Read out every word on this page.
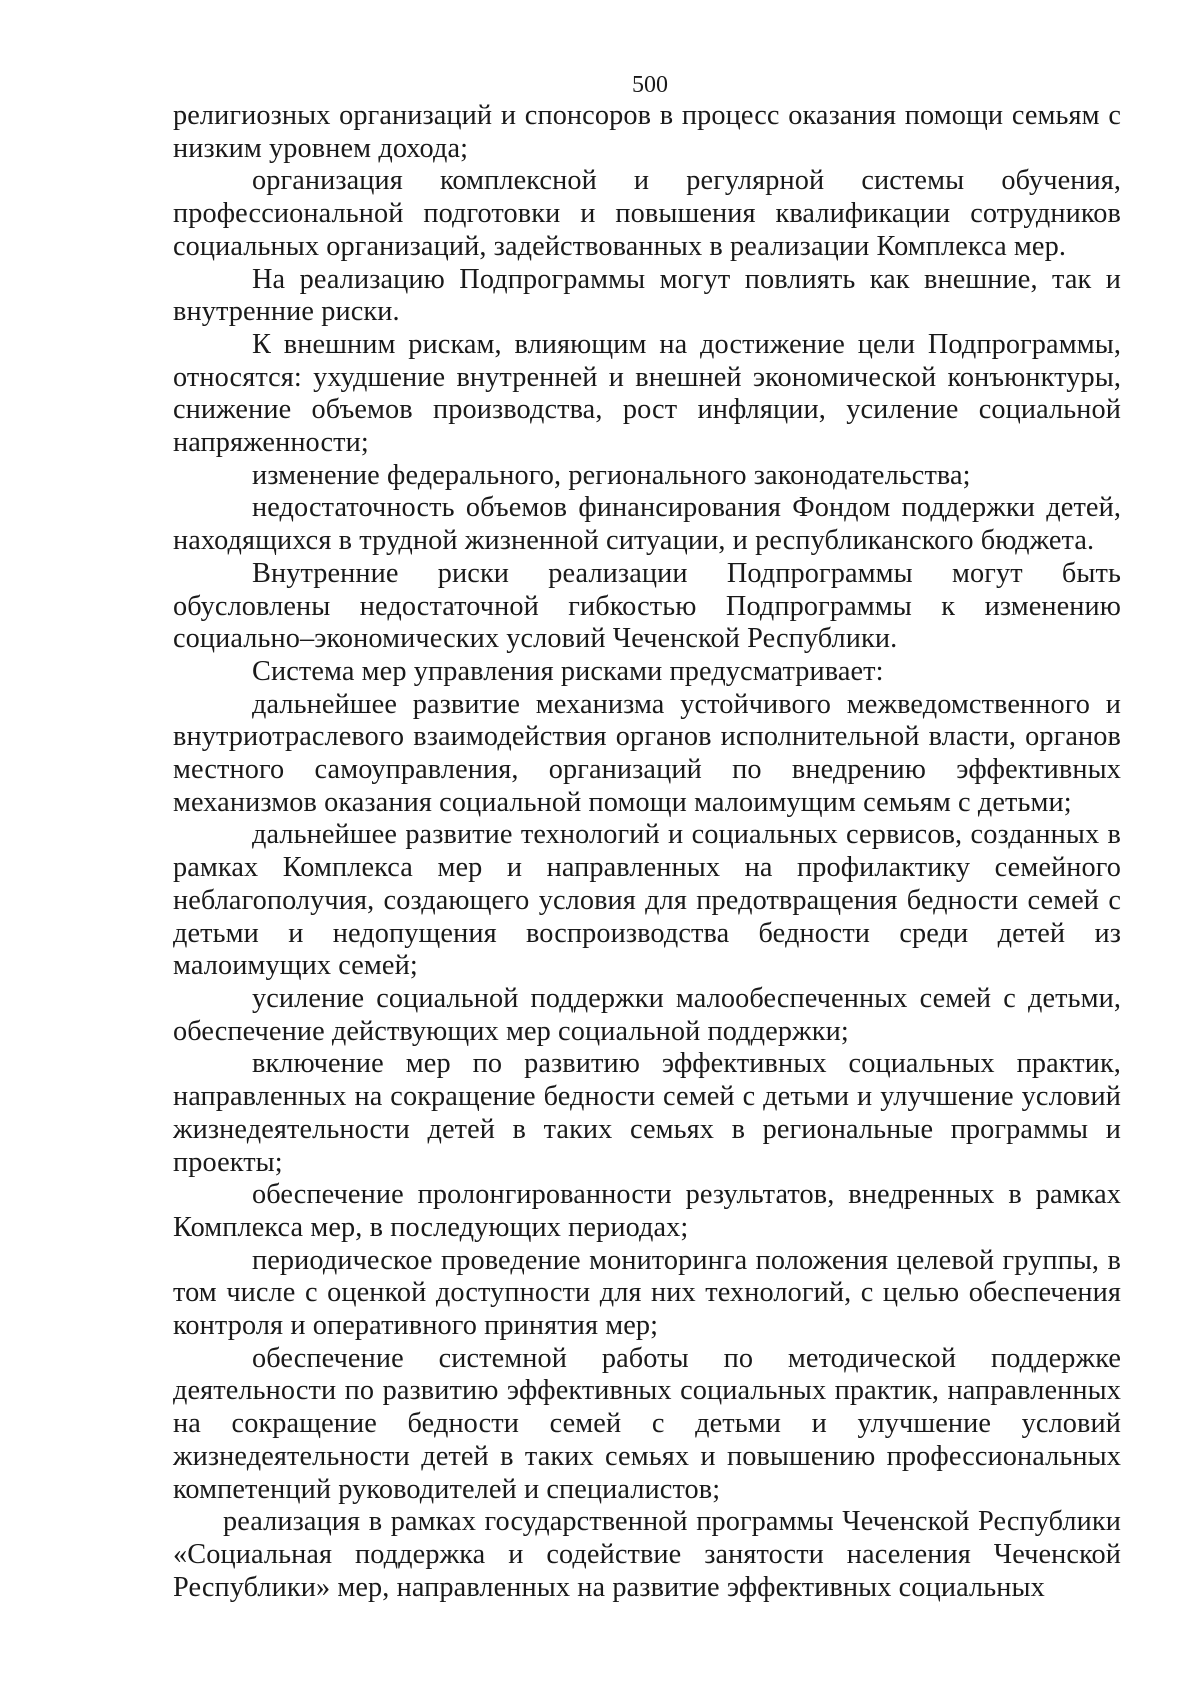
500

религиозных организаций и спонсоров в процесс оказания помощи семьям с низким уровнем дохода;

организация комплексной и регулярной системы обучения, профессиональной подготовки и повышения квалификации сотрудников социальных организаций, задействованных в реализации Комплекса мер.

На реализацию Подпрограммы могут повлиять как внешние, так и внутренние риски.

К внешним рискам, влияющим на достижение цели Подпрограммы, относятся: ухудшение внутренней и внешней экономической конъюнктуры, снижение объемов производства, рост инфляции, усиление социальной напряженности;

изменение федерального, регионального законодательства;

недостаточность объемов финансирования Фондом поддержки детей, находящихся в трудной жизненной ситуации, и республиканского бюджета.

Внутренние риски реализации Подпрограммы могут быть обусловлены недостаточной гибкостью Подпрограммы к изменению социально–экономических условий Чеченской Республики.

Система мер управления рисками предусматривает:

дальнейшее развитие механизма устойчивого межведомственного и внутриотраслевого взаимодействия органов исполнительной власти, органов местного самоуправления, организаций по внедрению эффективных механизмов оказания социальной помощи малоимущим семьям с детьми;

дальнейшее развитие технологий и социальных сервисов, созданных в рамках Комплекса мер и направленных на профилактику семейного неблагополучия, создающего условия для предотвращения бедности семей с детьми и недопущения воспроизводства бедности среди детей из малоимущих семей;

усиление социальной поддержки малообеспеченных семей с детьми, обеспечение действующих мер социальной поддержки;

включение мер по развитию эффективных социальных практик, направленных на сокращение бедности семей с детьми и улучшение условий жизнедеятельности детей в таких семьях в региональные программы и проекты;

обеспечение пролонгированности результатов, внедренных в рамках Комплекса мер, в последующих периодах;

периодическое проведение мониторинга положения целевой группы, в том числе с оценкой доступности для них технологий, с целью обеспечения контроля и оперативного принятия мер;

обеспечение системной работы по методической поддержке деятельности по развитию эффективных социальных практик, направленных на сокращение бедности семей с детьми и улучшение условий жизнедеятельности детей в таких семьях и повышению профессиональных компетенций руководителей и специалистов;

реализация в рамках государственной программы Чеченской Республики «Социальная поддержка и содействие занятости населения Чеченской Республики» мер, направленных на развитие эффективных социальных
